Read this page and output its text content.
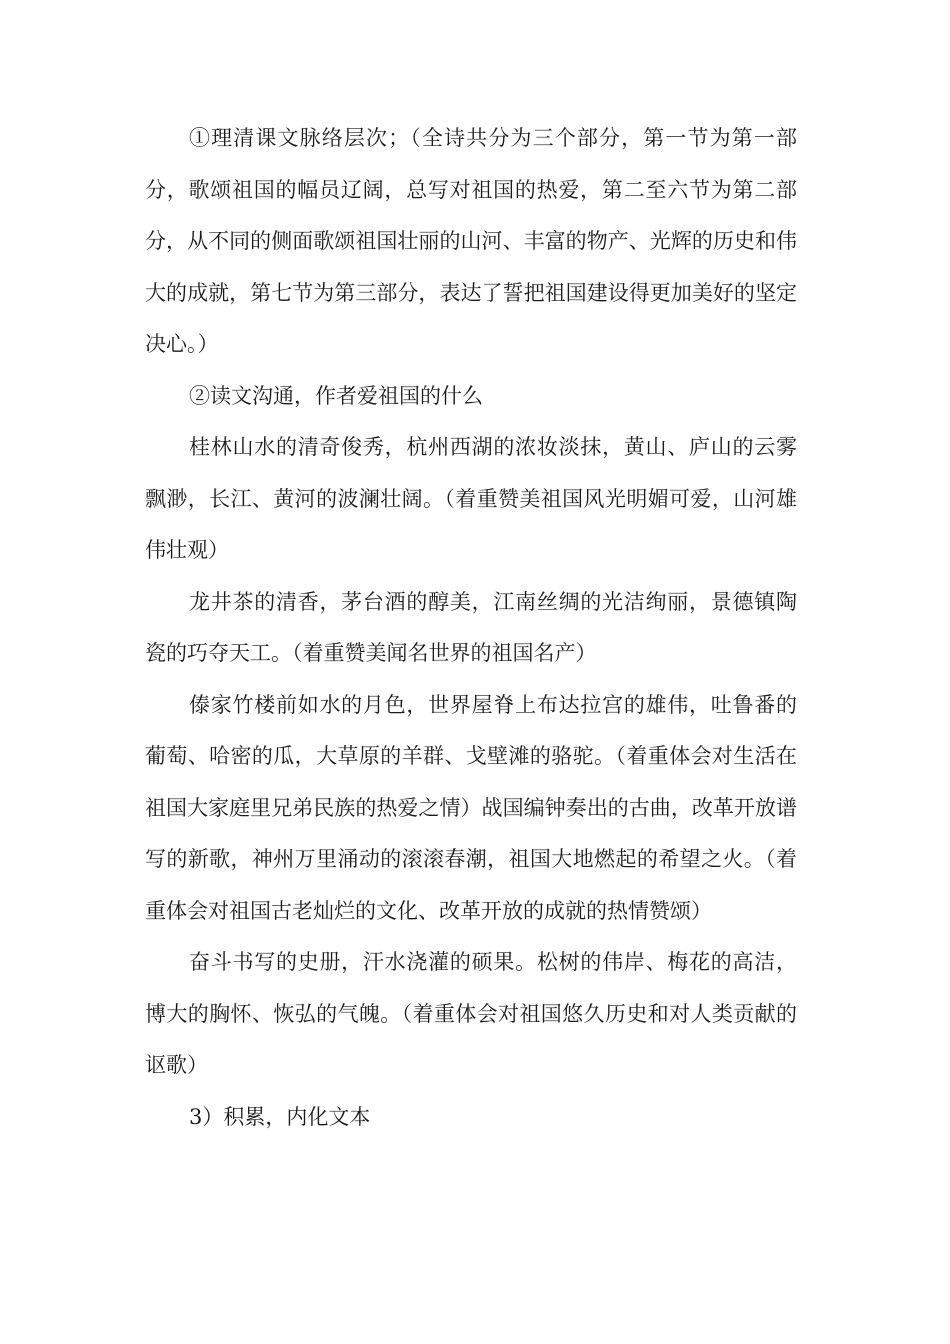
①理清课文脉络层次；（全诗共分为三个部分，第一节为第一部分，歌颂祖国的幅员辽阔，总写对祖国的热爱，第二至六节为第二部分，从不同的侧面歌颂祖国壮丽的山河、丰富的物产、光辉的历史和伟大的成就，第七节为第三部分，表达了誓把祖国建设得更加美好的坚定决心。）

②读文沟通，作者爱祖国的什么

桂林山水的清奇俊秀，杭州西湖的浓妆淡抹，黄山、庐山的云雾飘渺，长江、黄河的波澜壮阔。（着重赞美祖国风光明媚可爱，山河雄伟壮观）

龙井茶的清香，茅台酒的醇美，江南丝绸的光洁绚丽，景德镇陶瓷的巧夺天工。（着重赞美闻名世界的祖国名产）

傣家竹楼前如水的月色，世界屋脊上布达拉宫的雄伟，吐鲁番的葡萄、哈密的瓜，大草原的羊群、戈壁滩的骆驼。（着重体会对生活在祖国大家庭里兄弟民族的热爱之情）战国编钟奏出的古曲，改革开放谱写的新歌，神州万里涌动的滚滚春潮，祖国大地燃起的希望之火。（着重体会对祖国古老灿烂的文化、改革开放的成就的热情赞颂）

奋斗书写的史册，汗水浇灌的硕果。松树的伟岸、梅花的高洁，博大的胸怀、恢弘的气魄。（着重体会对祖国悠久历史和对人类贡献的讴歌）

3）积累，内化文本
